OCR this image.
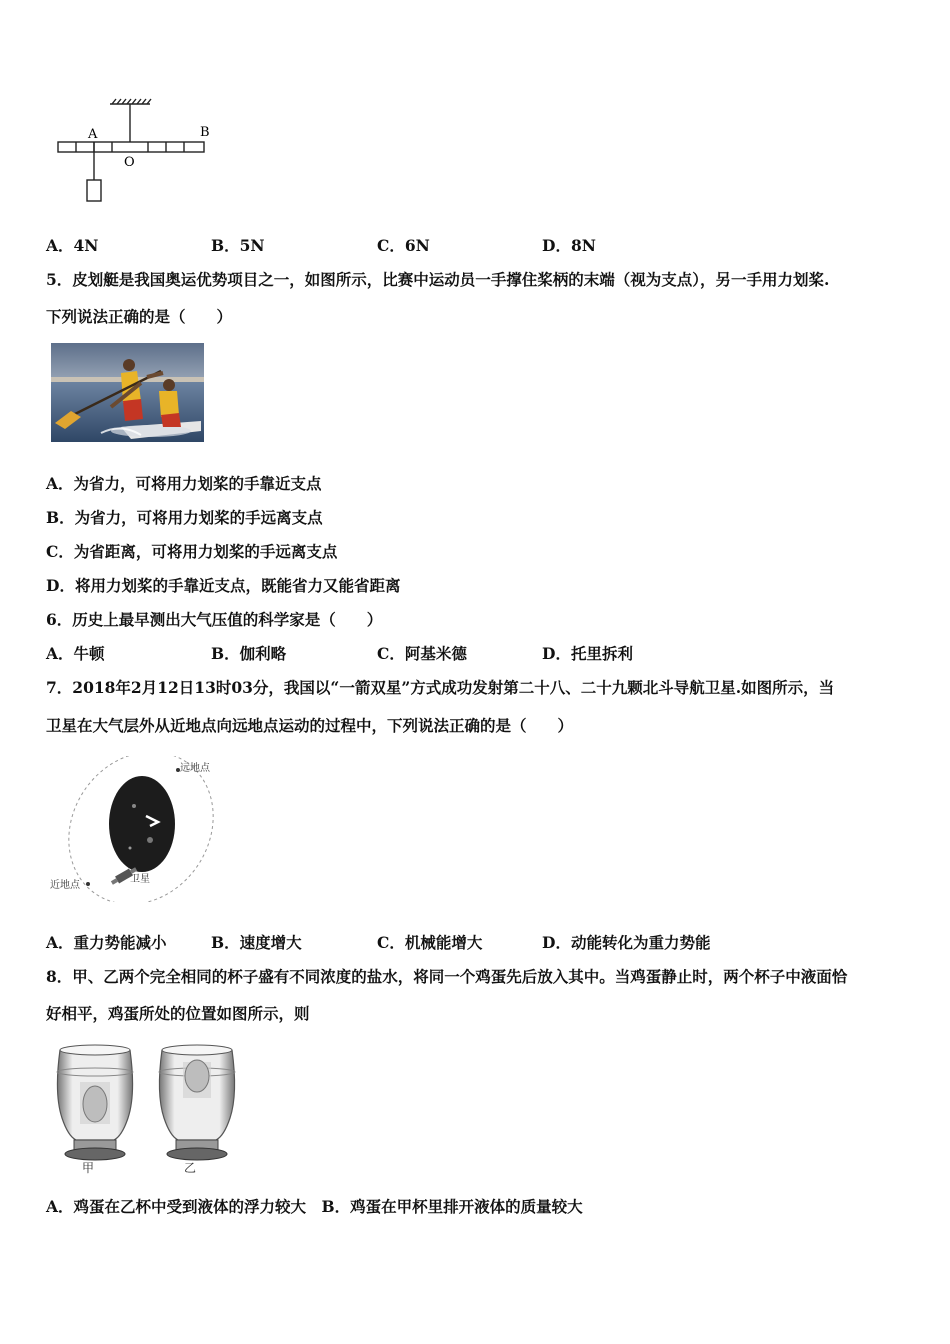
A	B
O
A．4N	B．5N	C．6N	D．8N
5．皮划艇是我国奥运优势项目之一，如图所示，比赛中运动员一手撑住桨柄的末端（视为支点），另一手用力划桨.
下列说法正确的是（　　）
A．为省力，可将用力划桨的手靠近支点
B．为省力，可将用力划桨的手远离支点
C．为省距离，可将用力划桨的手远离支点
D．将用力划桨的手靠近支点，既能省力又能省距离
6．历史上最早测出大气压值的科学家是（　　）
A．牛顿	B．伽利略	C．阿基米德	D．托里拆利
7．2018年2月12日13时03分，我国以“一箭双星”方式成功发射第二十八、二十九颗北斗导航卫星.如图所示，当
卫星在大气层外从近地点向远地点运动的过程中，下列说法正确的是（　　）
远地点
近地点
卫星
A．重力势能减小	B．速度增大	C．机械能增大	D．动能转化为重力势能
8．甲、乙两个完全相同的杯子盛有不同浓度的盐水，将同一个鸡蛋先后放入其中。当鸡蛋静止时，两个杯子中液面恰
好相平，鸡蛋所处的位置如图所示，则
甲	乙
A．鸡蛋在乙杯中受到液体的浮力较大　B．鸡蛋在甲杯里排开液体的质量较大
